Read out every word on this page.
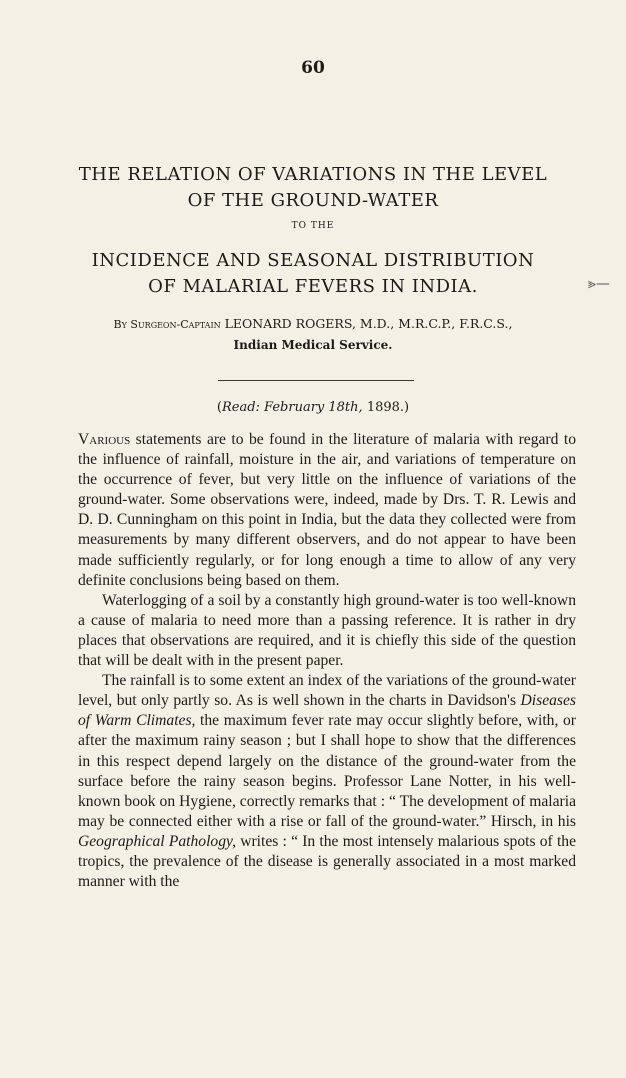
60
THE RELATION OF VARIATIONS IN THE LEVEL
OF THE GROUND-WATER
TO THE
INCIDENCE AND SEASONAL DISTRIBUTION
OF MALARIAL FEVERS IN INDIA.	⪢—
By Surgeon-Captain LEONARD ROGERS, M.D., M.R.C.P., F.R.C.S.,
Indian Medical Service.
(Read: February 18th, 1898.)

Various statements are to be found in the literature of malaria with regard to the influence of rainfall, moisture in the air, and variations of temperature on the occurrence of fever, but very little on the influence of variations of the ground-water. Some observations were, indeed, made by Drs. T. R. Lewis and D. D. Cunningham on this point in India, but the data they collected were from measurements by many different observers, and do not appear to have been made sufficiently regularly, or for long enough a time to allow of any very definite conclusions being based on them.

Waterlogging of a soil by a constantly high ground-water is too well-known a cause of malaria to need more than a passing reference. It is rather in dry places that observations are required, and it is chiefly this side of the question that will be dealt with in the present paper.

The rainfall is to some extent an index of the variations of the ground-water level, but only partly so. As is well shown in the charts in Davidson's Diseases of Warm Climates, the maximum fever rate may occur slightly before, with, or after the maximum rainy season ; but I shall hope to show that the differences in this respect depend largely on the distance of the ground-water from the surface before the rainy season begins. Professor Lane Notter, in his well-known book on Hygiene, correctly remarks that : “ The development of malaria may be connected either with a rise or fall of the ground-water.” Hirsch, in his Geographical Pathology, writes : “ In the most intensely malarious spots of the tropics, the prevalence of the disease is generally associated in a most marked manner with the
